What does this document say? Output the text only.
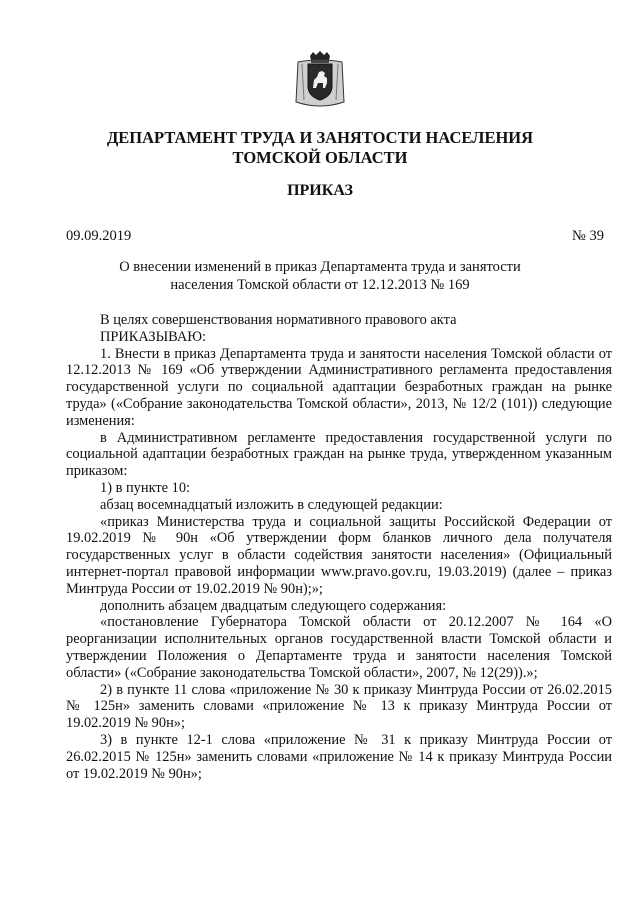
ДЕПАРТАМЕНТ ТРУДА И ЗАНЯТОСТИ НАСЕЛЕНИЯ
ТОМСКОЙ ОБЛАСТИ
ПРИКАЗ
09.09.2019	№ 39
О внесении изменений в приказ Департамента труда и занятости
населения Томской области от 12.12.2013 № 169

В целях совершенствования нормативного правового акта

ПРИКАЗЫВАЮ:

1. Внести в приказ Департамента труда и занятости населения Томской области от 12.12.2013 № 169 «Об утверждении Административного регламента предоставления государственной услуги по социальной адаптации безработных граждан на рынке труда» («Собрание законодательства Томской области», 2013, № 12/2 (101)) следующие изменения:

в Административном регламенте предоставления государственной услуги по социальной адаптации безработных граждан на рынке труда, утвержденном указанным приказом:

1) в пункте 10:

абзац восемнадцатый изложить в следующей редакции:

«приказ Министерства труда и социальной защиты Российской Федерации от 19.02.2019 № 90н «Об утверждении форм бланков личного дела получателя государственных услуг в области содействия занятости населения» (Официальный интернет-портал правовой информации www.pravo.gov.ru, 19.03.2019) (далее – приказ Минтруда России от 19.02.2019 № 90н);»;

дополнить абзацем двадцатым следующего содержания:

«постановление Губернатора Томской области от 20.12.2007 № 164 «О реорганизации исполнительных органов государственной власти Томской области и утверждении Положения о Департаменте труда и занятости населения Томской области» («Собрание законодательства Томской области», 2007, № 12(29)).»;

2) в пункте 11 слова «приложение № 30 к приказу Минтруда России от 26.02.2015 № 125н» заменить словами «приложение № 13 к приказу Минтруда России от 19.02.2019 № 90н»;

3) в пункте 12-1 слова «приложение № 31 к приказу Минтруда России от 26.02.2015 № 125н» заменить словами «приложение № 14 к приказу Минтруда России от 19.02.2019 № 90н»;
